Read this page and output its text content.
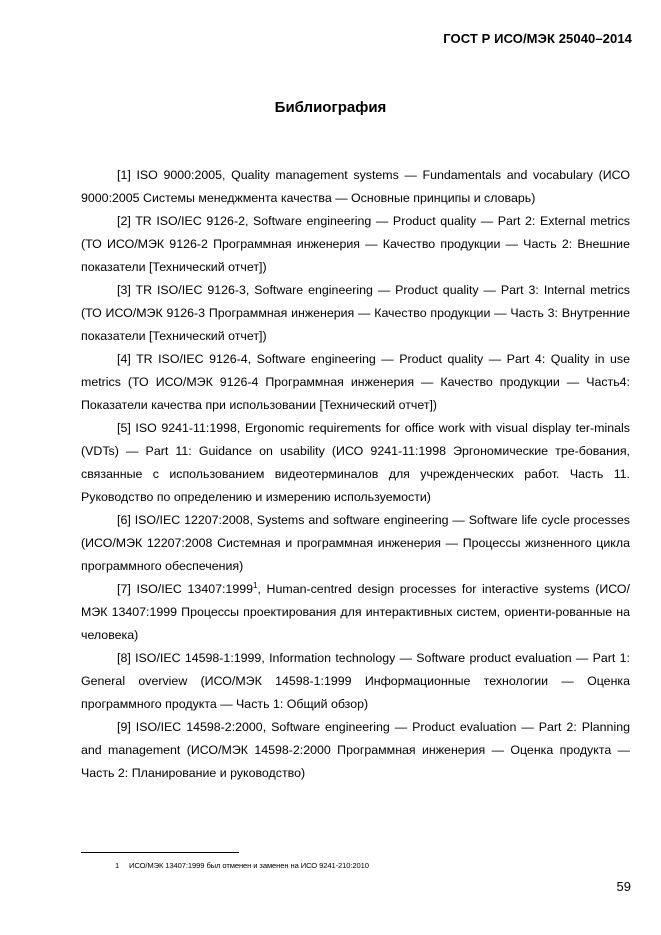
ГОСТ Р ИСО/МЭК 25040–2014
Библиография

[1] ISO 9000:2005, Quality management systems — Fundamentals and vocabulary (ИСО 9000:2005 Системы менеджмента качества — Основные принципы и словарь)

[2] TR ISO/IEC 9126-2, Software engineering — Product quality — Part 2: External metrics (ТО ИСО/МЭК 9126-2 Программная инженерия — Качество продукции — Часть 2: Внешние показатели [Технический отчет])

[3] TR ISO/IEC 9126-3, Software engineering — Product quality — Part 3: Internal metrics (ТО ИСО/МЭК 9126-3 Программная инженерия — Качество продукции — Часть 3: Внутренние показатели [Технический отчет])

[4] TR ISO/IEC 9126-4, Software engineering — Product quality — Part 4: Quality in use metrics (ТО ИСО/МЭК 9126-4 Программная инженерия — Качество продукции — Часть4: Показатели качества при использовании [Технический отчет])

[5] ISO 9241-11:1998, Ergonomic requirements for office work with visual display ter-minals (VDTs) — Part 11: Guidance on usability (ИСО 9241-11:1998 Эргономические тре-бования, связанные с использованием видеотерминалов для учрежденческих работ. Часть 11. Руководство по определению и измерению используемости)

[6] ISO/IEC 12207:2008, Systems and software engineering — Software life cycle processes (ИСО/МЭК 12207:2008 Системная и программная инженерия — Процессы жизненного цикла программного обеспечения)

[7] ISO/IEC 13407:1999$^1$, Human-centred design processes for interactive systems (ИСО/МЭК 13407:1999 Процессы проектирования для интерактивных систем, ориенти-рованные на человека)

[8] ISO/IEC 14598-1:1999, Information technology — Software product evaluation — Part 1: General overview (ИСО/МЭК 14598-1:1999 Информационные технологии — Оценка программного продукта — Часть 1: Общий обзор)

[9] ISO/IEC 14598-2:2000, Software engineering — Product evaluation — Part 2: Planning and management (ИСО/МЭК 14598-2:2000 Программная инженерия — Оценка продукта — Часть 2: Планирование и руководство)

1 ИСО/МЭК 13407:1999 был отменен и заменен на ИСО 9241-210:2010
59
